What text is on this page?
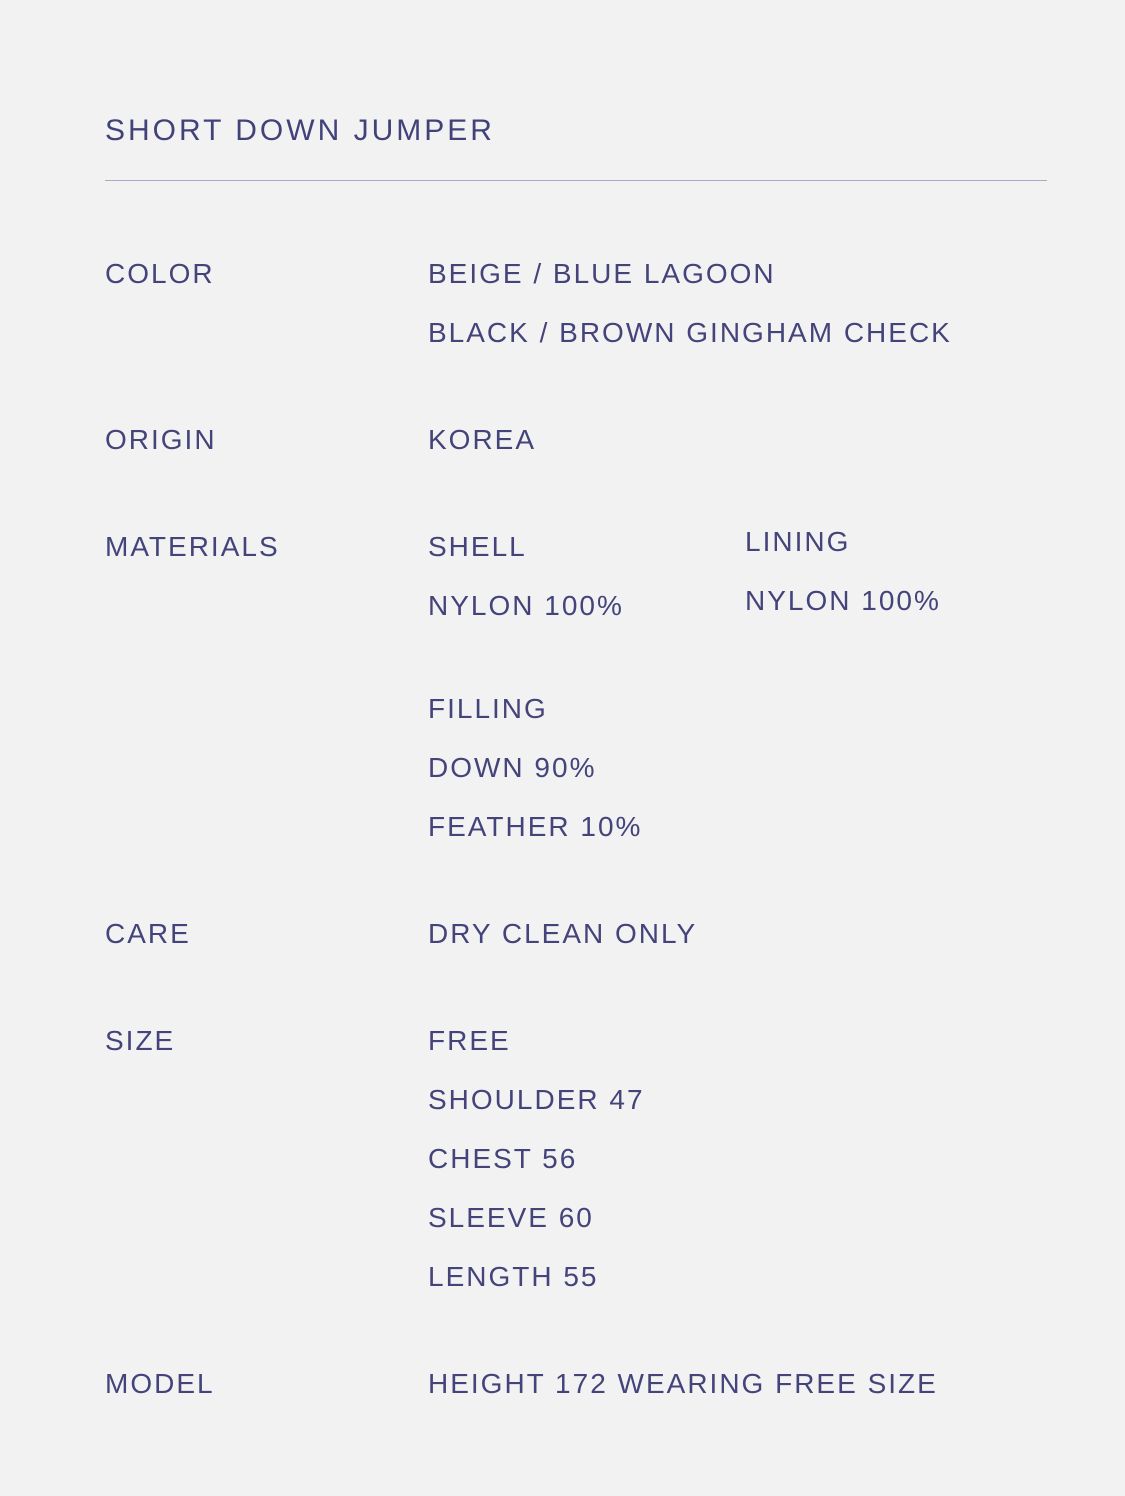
SHORT DOWN JUMPER
COLOR	BEIGE / BLUE LAGOON
BLACK / BROWN GINGHAM CHECK
ORIGIN	KOREA
MATERIALS	SHELL
NYLON 100%
LINING
NYLON 100%
FILLING
DOWN 90%
FEATHER 10%
CARE	DRY CLEAN ONLY
SIZE	FREE
SHOULDER 47
CHEST 56
SLEEVE 60
LENGTH 55
MODEL	HEIGHT 172 WEARING FREE SIZE
